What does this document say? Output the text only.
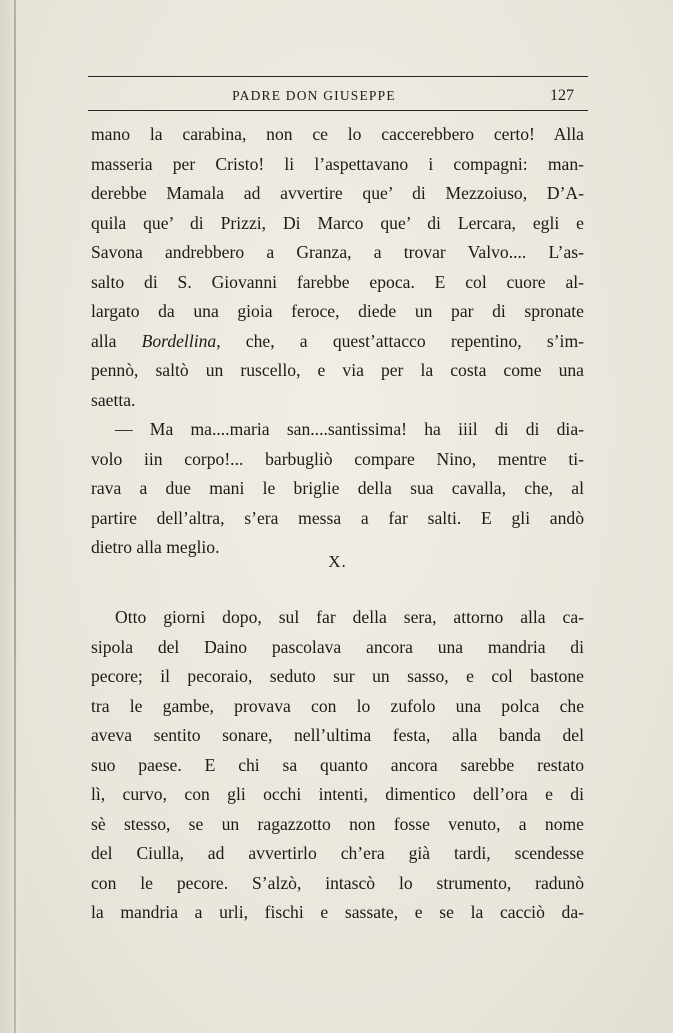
PADRE DON GIUSEPPE	127
mano la carabina, non ce lo caccerebbero certo! Alla
masseria per Cristo! li l’aspettavano i compagni: man-
derebbe Mamala ad avvertire que’ di Mezzoiuso, D’A-
quila que’ di Prizzi, Di Marco que’ di Lercara, egli e
Savona andrebbero a Granza, a trovar Valvo.... L’as-
salto di S. Giovanni farebbe epoca. E col cuore al-
largato da una gioia feroce, diede un par di spronate
alla Bordellina, che, a quest’attacco repentino, s’im-
pennò, saltò un ruscello, e via per la costa come una
saetta.
— Ma ma....maria san....santissima! ha iiil di di dia-
volo iin corpo!... barbugliò compare Nino, mentre ti-
rava a due mani le briglie della sua cavalla, che, al
partire dell’altra, s’era messa a far salti. E gli andò
dietro alla meglio.
X.
Otto giorni dopo, sul far della sera, attorno alla ca-
sipola del Daino pascolava ancora una mandria di
pecore; il pecoraio, seduto sur un sasso, e col bastone
tra le gambe, provava con lo zufolo una polca che
aveva sentito sonare, nell’ultima festa, alla banda del
suo paese. E chi sa quanto ancora sarebbe restato
lì, curvo, con gli occhi intenti, dimentico dell’ora e di
sè stesso, se un ragazzotto non fosse venuto, a nome
del Ciulla, ad avvertirlo ch’era già tardi, scendesse
con le pecore. S’alzò, intascò lo strumento, radunò
la mandria a urli, fischi e sassate, e se la cacciò da-
